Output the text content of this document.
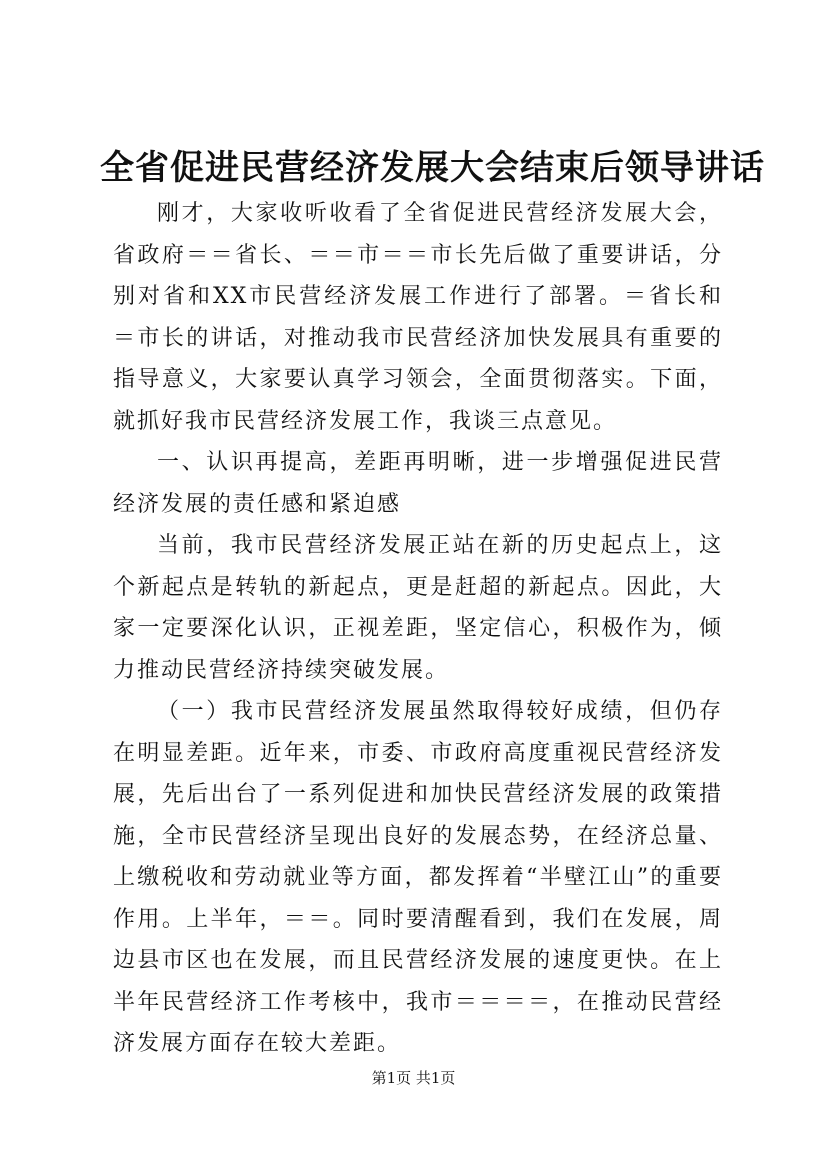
全省促进民营经济发展大会结束后领导讲话

刚才，大家收听收看了全省促进民营经济发展大会，省政府＝＝省长、＝＝市＝＝市长先后做了重要讲话，分别对省和XX市民营经济发展工作进行了部署。＝省长和＝市长的讲话，对推动我市民营经济加快发展具有重要的指导意义，大家要认真学习领会，全面贯彻落实。下面，就抓好我市民营经济发展工作，我谈三点意见。

一、认识再提高，差距再明晰，进一步增强促进民营经济发展的责任感和紧迫感

当前，我市民营经济发展正站在新的历史起点上，这个新起点是转轨的新起点，更是赶超的新起点。因此，大家一定要深化认识，正视差距，坚定信心，积极作为，倾力推动民营经济持续突破发展。

（一）我市民营经济发展虽然取得较好成绩，但仍存在明显差距。近年来，市委、市政府高度重视民营经济发展，先后出台了一系列促进和加快民营经济发展的政策措施，全市民营经济呈现出良好的发展态势，在经济总量、上缴税收和劳动就业等方面，都发挥着“半壁江山”的重要作用。上半年，＝＝。同时要清醒看到，我们在发展，周边县市区也在发展，而且民营经济发展的速度更快。在上半年民营经济工作考核中，我市＝＝＝＝，在推动民营经济发展方面存在较大差距。

第1页 共1页
